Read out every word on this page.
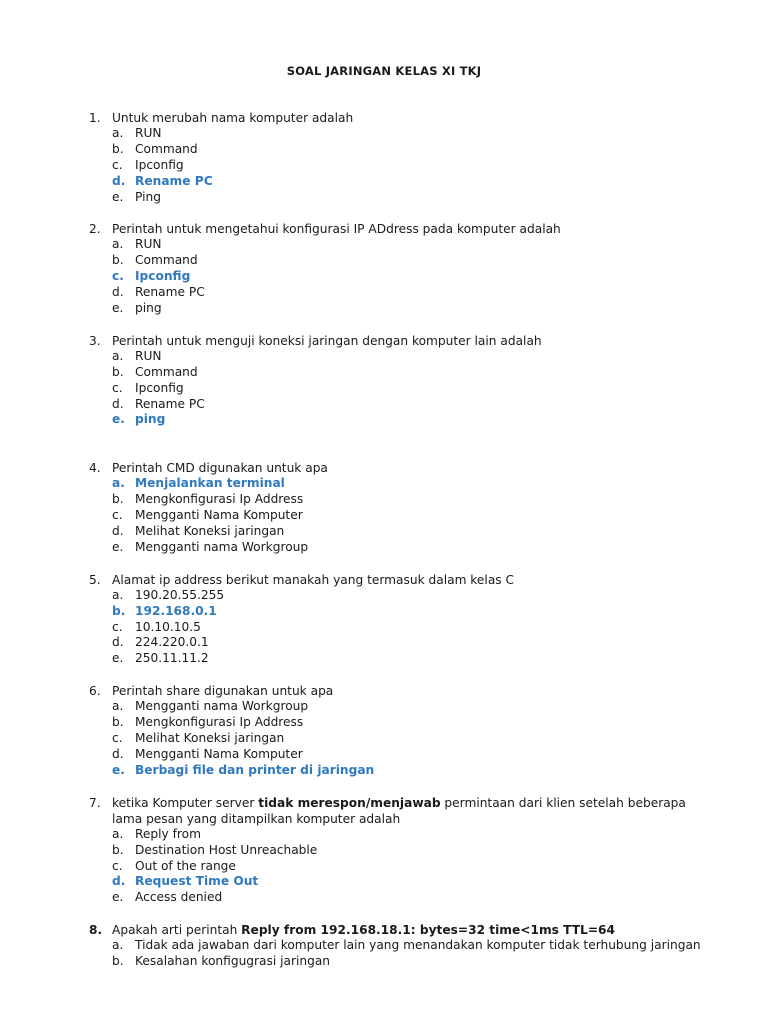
SOAL JARINGAN KELAS XI TKJ
1. Untuk merubah nama komputer adalah
a. RUN
b. Command
c. Ipconfig
d. Rename PC
e. Ping
2. Perintah untuk mengetahui konfigurasi IP ADdress pada komputer adalah
a. RUN
b. Command
c. Ipconfig
d. Rename PC
e. ping
3. Perintah untuk menguji koneksi jaringan dengan komputer lain adalah
a. RUN
b. Command
c. Ipconfig
d. Rename PC
e. ping
4. Perintah CMD digunakan untuk apa
a. Menjalankan terminal
b. Mengkonfigurasi Ip Address
c. Mengganti Nama Komputer
d. Melihat Koneksi jaringan
e. Mengganti nama Workgroup
5. Alamat ip address berikut manakah yang termasuk dalam kelas C
a. 190.20.55.255
b. 192.168.0.1
c. 10.10.10.5
d. 224.220.0.1
e. 250.11.11.2
6. Perintah share digunakan untuk apa
a. Mengganti nama Workgroup
b. Mengkonfigurasi Ip Address
c. Melihat Koneksi jaringan
d. Mengganti Nama Komputer
e. Berbagi file dan printer di jaringan
7. ketika Komputer server tidak merespon/menjawab permintaan dari klien setelah beberapa lama pesan yang ditampilkan komputer adalah
a. Reply from
b. Destination Host Unreachable
c. Out of the range
d. Request Time Out
e. Access denied
8. Apakah arti perintah Reply from 192.168.18.1: bytes=32 time<1ms TTL=64
a. Tidak ada jawaban dari komputer lain yang menandakan komputer tidak terhubung jaringan
b. Kesalahan konfigugrasi jaringan
